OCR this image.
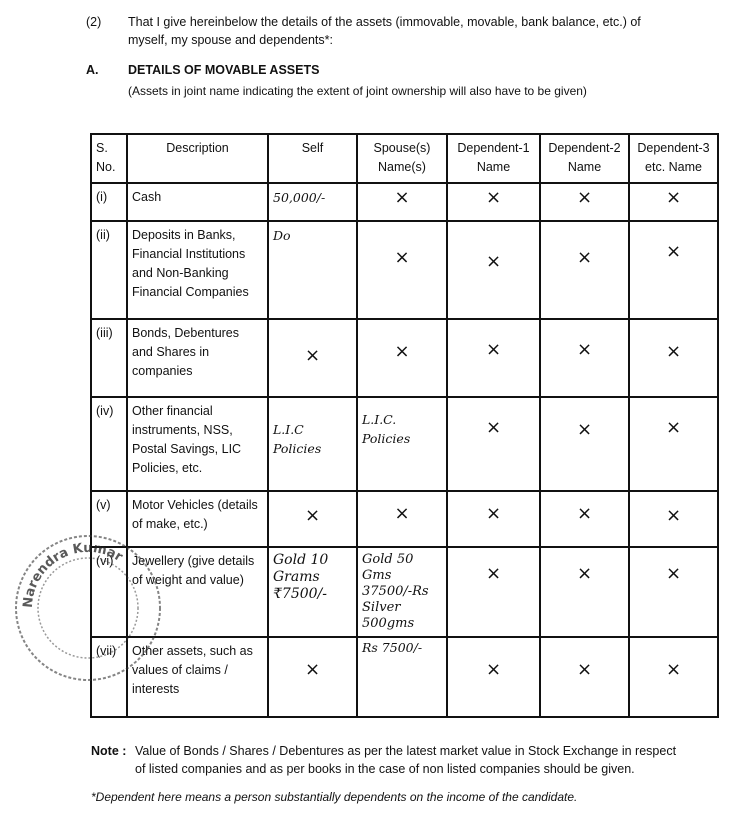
(2) That I give hereinbelow the details of the assets (immovable, movable, bank balance, etc.) of
myself, my spouse and dependents*:
A. DETAILS OF MOVABLE ASSETS
(Assets in joint name indicating the extent of joint ownership will also have to be given)
S. No.	Description	Self	Spouse(s) Name(s)	Dependent-1 Name	Dependent-2 Name	Dependent-3 etc. Name
(i)	Cash	50,000/-	×	×	×	×

(ii)	Deposits in Banks, Financial Institutions and Non-Banking Financial Companies	Do	×	×	×	×

(iii)	Bonds, Debentures and Shares in companies	×	×	×	×	×

(iv)	Other financial instruments, NSS, Postal Savings, LIC Policies, etc.	L.I.C Policies	L.I.C. Policies	×	×	×

(v)	Motor Vehicles (details of make, etc.)	×	×	×	×	×

(vi)	Jewellery (give details of weight and value)	Gold 10 Grams ₹7500/-	Gold 50 Gms 37500/-Rs Silver 500gms	×	×	×

(vii)	Other assets, such as values of claims / interests	×	Rs 7500/-	×	×	×
Narendra Kumar
Note : Value of Bonds / Shares / Debentures as per the latest market value in Stock Exchange in respect
of listed companies and as per books in the case of non listed companies should be given.
*Dependent here means a person substantially dependents on the income of the candidate.
